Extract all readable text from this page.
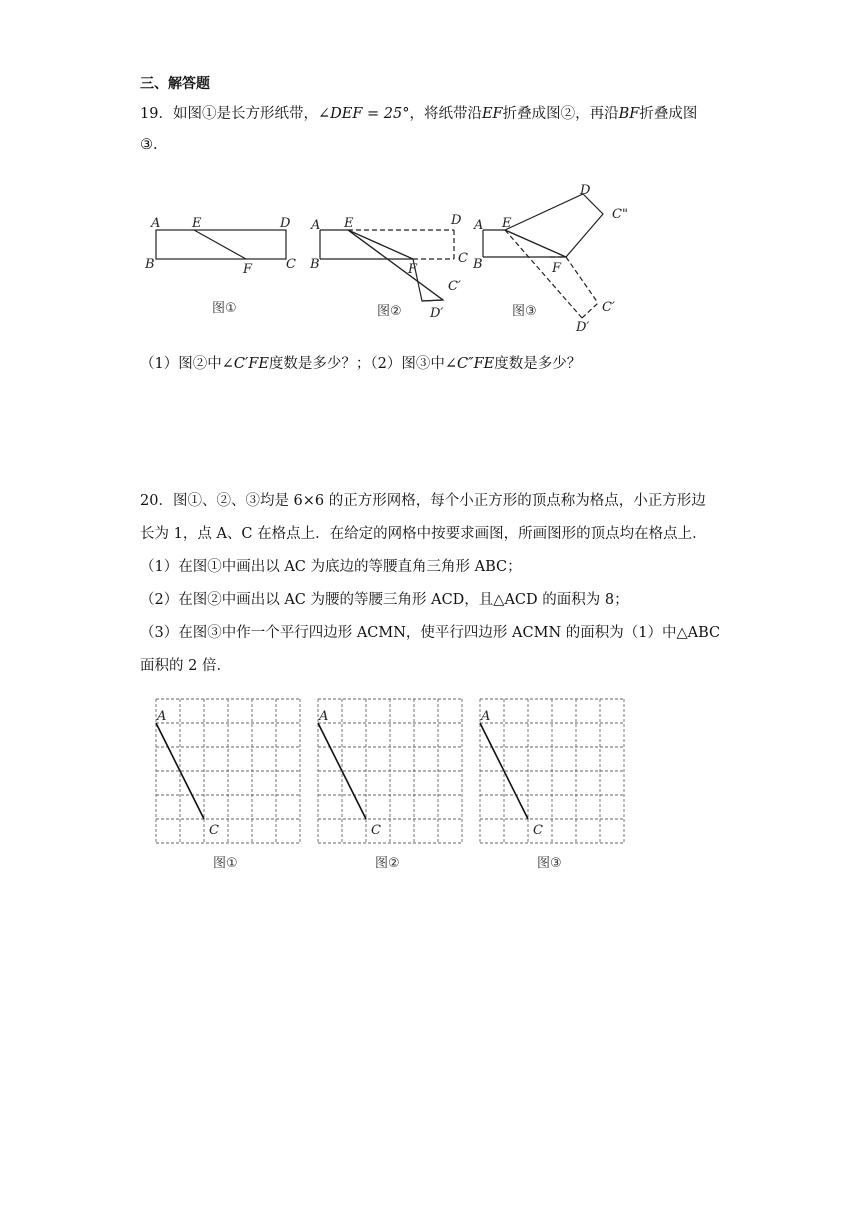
三、解答题
19．如图①是长方形纸带，∠DEF = 25°，将纸带沿EF折叠成图②，再沿BF折叠成图
③.
A E	D
B	F	C
图①
A E	D
B	F
C
C′
D′
图②
A E
D
C"
B	F
C′
D′
图③
（1）图②中∠C′FE度数是多少？；（2）图③中∠C″FE度数是多少？
20．图①、②、③均是 6×6 的正方形网格，每个小正方形的顶点称为格点，小正方形边
长为 1，点 A、C 在格点上．在给定的网格中按要求画图，所画图形的顶点均在格点上．
（1）在图①中画出以 AC 为底边的等腰直角三角形 ABC；
（2）在图②中画出以 AC 为腰的等腰三角形 ACD，且△ACD 的面积为 8；
（3）在图③中作一个平行四边形 ACMN，使平行四边形 ACMN 的面积为（1）中△ABC
面积的 2 倍．
A
C
图①
A
C
图②
A
C
图③
